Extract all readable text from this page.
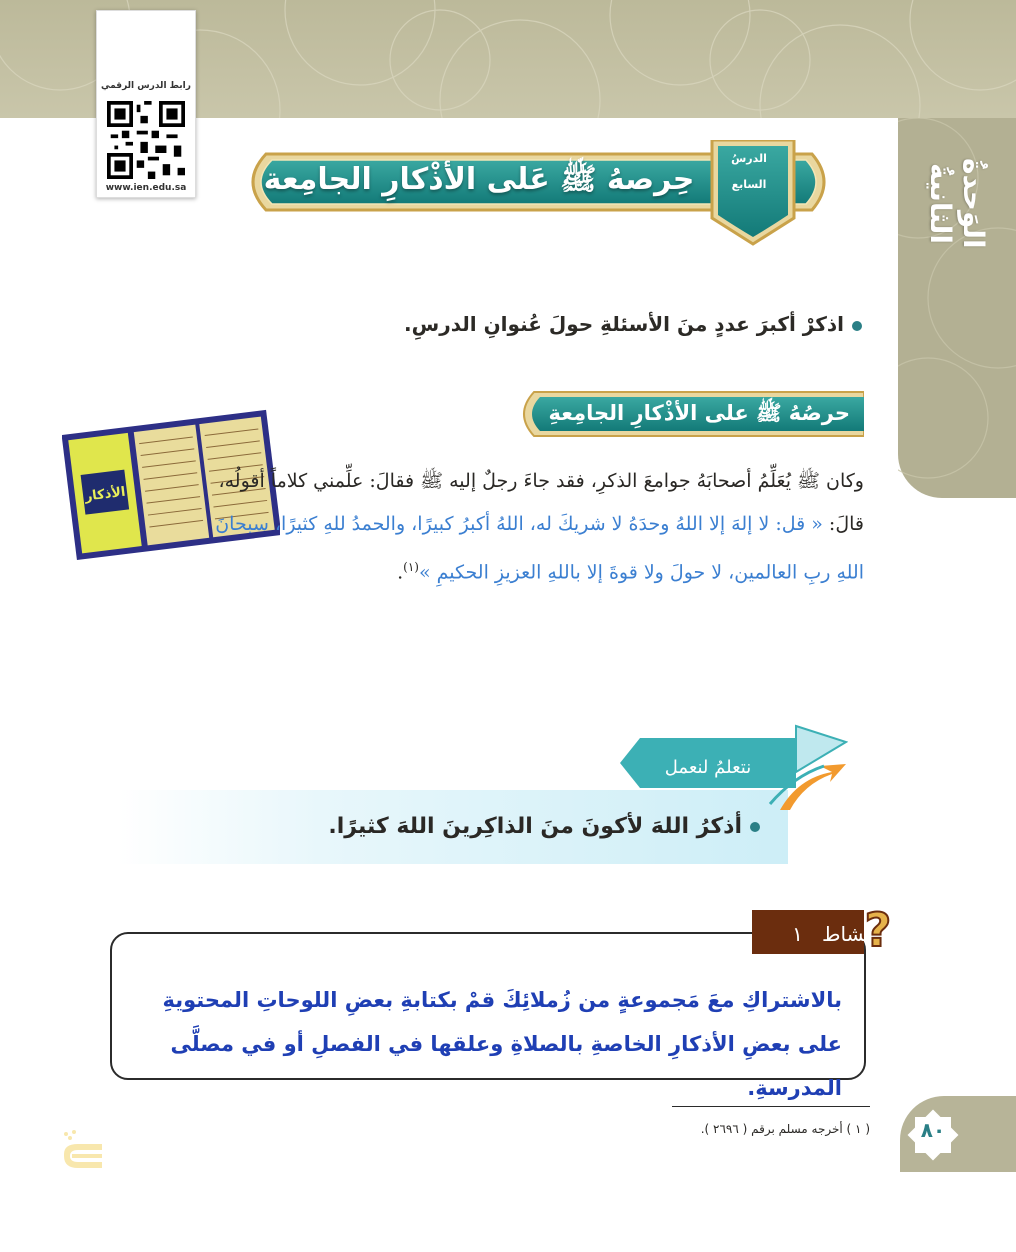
الوَحدةُ الثانيةُ
رابط الدرس الرقمي
www.ien.edu.sa
الدرسُ
السابع
حِرصهُ ﷺ عَلى الأذْكارِ الجامِعة
اذكرْ أكبرَ عددٍ منَ الأسئلةِ حولَ عُنوانِ الدرسِ.
حرصُهُ ﷺ على الأذْكارِ الجامِعةِ
الأذكار
وكان ﷺ يُعَلِّمُ أصحابَهُ جوامعَ الذكرِ، فقد جاءَ رجلٌ إليه ﷺ فقالَ: علِّمني كلاماً أقولُه، قالَ: « قل: لا إلهَ إلا اللهُ وحدَهُ لا شريكَ له، اللهُ أكبرُ كبيرًا، والحمدُ للهِ كثيرًا، سبحانَ اللهِ ربِ العالمين، لا حولَ ولا قوةَ إلا باللهِ العزيزِ الحكيمِ »$^{(١)}$.
نتعلمُ لنعمل
أذكرُ اللهَ لأكونَ منَ الذاكِرينَ اللهَ كثيرًا.
?
نشاط   ١
بالاشتراكِ معَ مَجموعةٍ من زُملائِكَ قمْ بكتابةِ بعضِ اللوحاتِ المحتويةِ على بعضِ الأذكارِ الخاصةِ بالصلاةِ وعلقها في الفصلِ أو في مصلَّى المدرسةِ.
( ١ ) أخرجه مسلم برقم ( ٢٦٩٦ ).	٨٠
